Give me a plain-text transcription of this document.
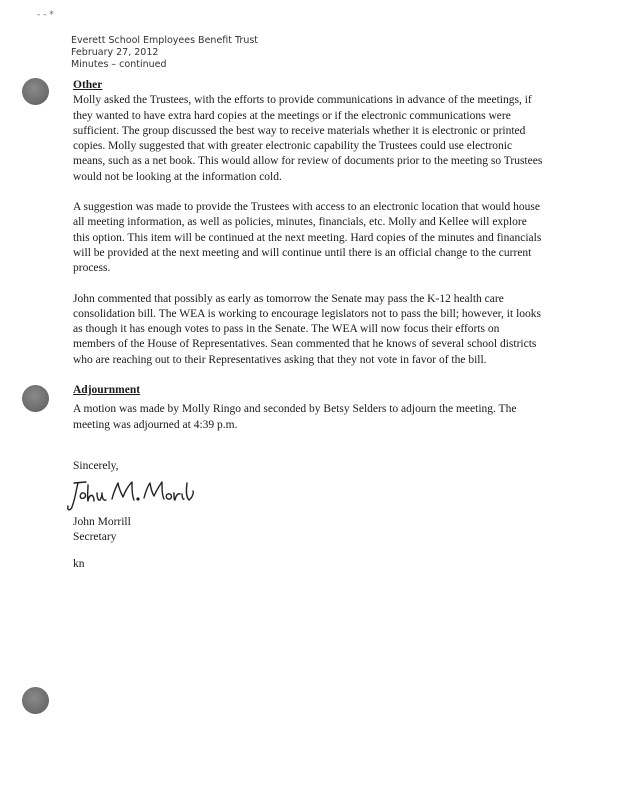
- - *
Everett School Employees Benefit Trust
February 27, 2012
Minutes – continued

Other

Molly asked the Trustees, with the efforts to provide communications in advance of the meetings, if they wanted to have extra hard copies at the meetings or if the electronic communications were sufficient. The group discussed the best way to receive materials whether it is electronic or printed copies. Molly suggested that with greater electronic capability the Trustees could use electronic means, such as a net book. This would allow for review of documents prior to the meeting so Trustees would not be looking at the information cold.

A suggestion was made to provide the Trustees with access to an electronic location that would house all meeting information, as well as policies, minutes, financials, etc. Molly and Kellee will explore this option. This item will be continued at the next meeting. Hard copies of the minutes and financials will be provided at the next meeting and will continue until there is an official change to the current process.

John commented that possibly as early as tomorrow the Senate may pass the K-12 health care consolidation bill. The WEA is working to encourage legislators not to pass the bill; however, it looks as though it has enough votes to pass in the Senate. The WEA will now focus their efforts on members of the House of Representatives. Sean commented that he knows of several school districts who are reaching out to their Representatives asking that they not vote in favor of the bill.

Adjournment

A motion was made by Molly Ringo and seconded by Betsy Selders to adjourn the meeting. The meeting was adjourned at 4:39 p.m.

Sincerely,
John Morrill
Secretary
kn
